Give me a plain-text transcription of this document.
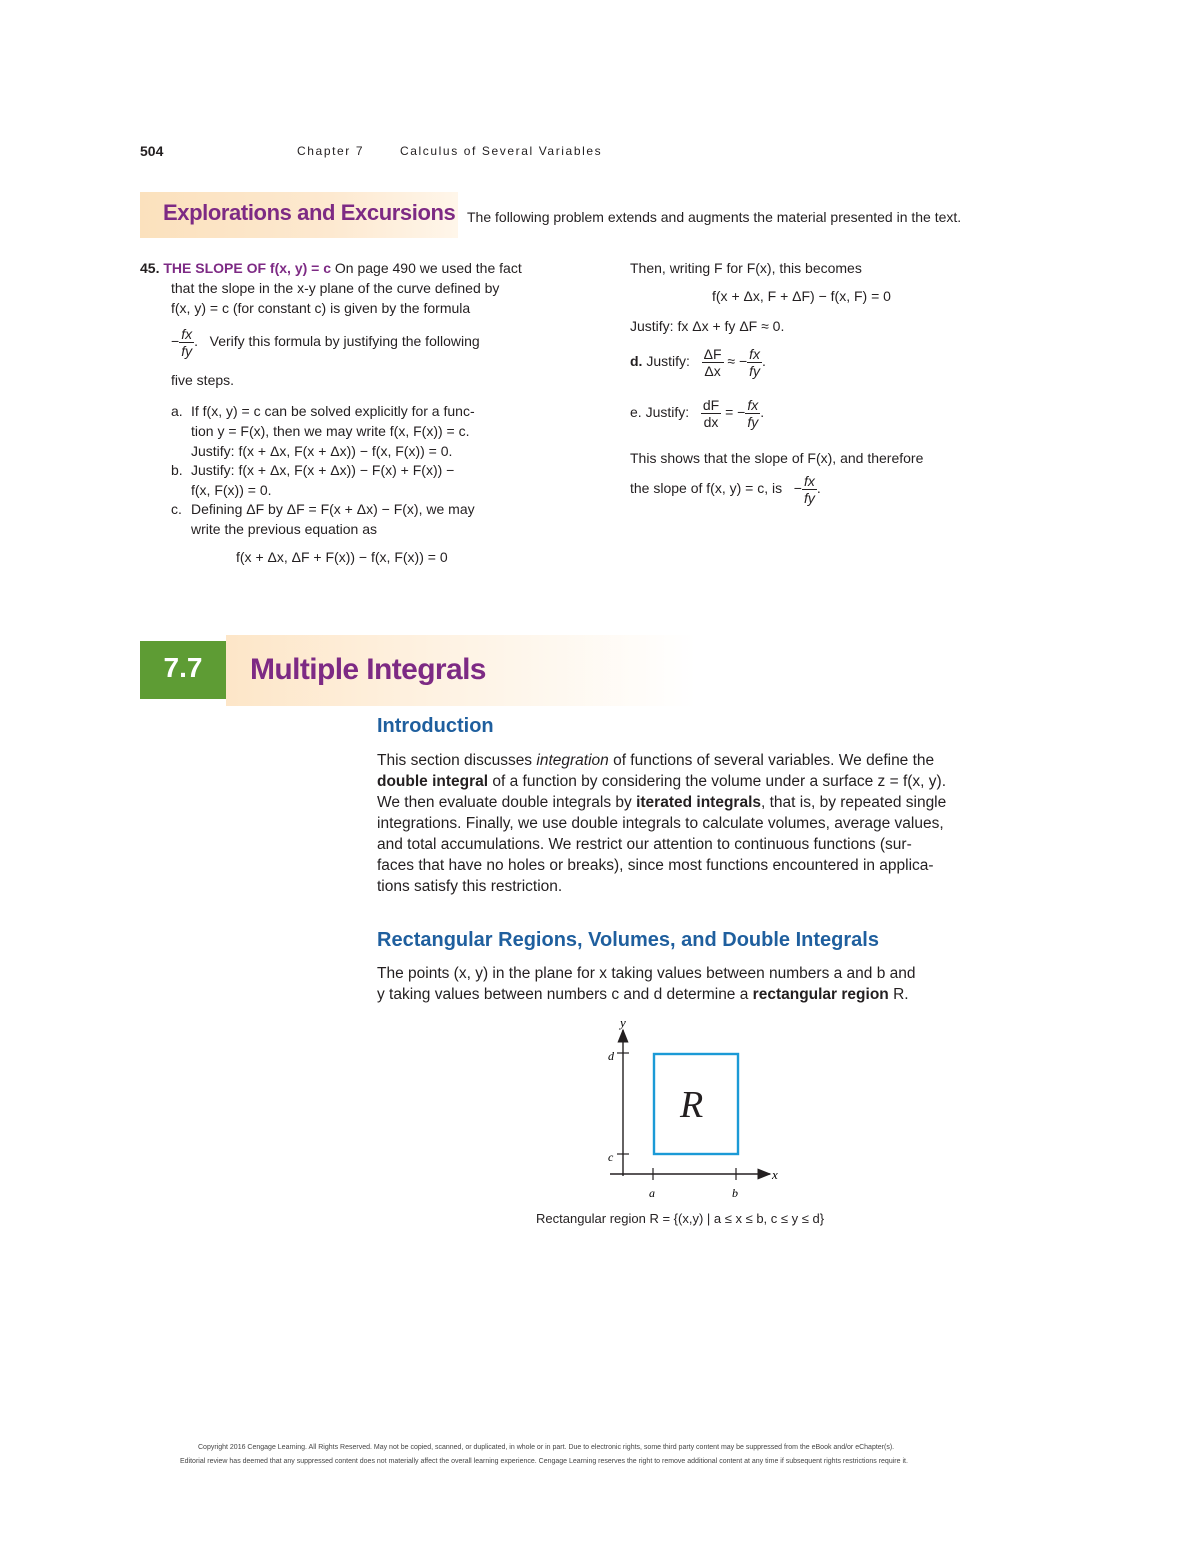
504	Chapter 7	Calculus of Several Variables
Explorations and Excursions The following problem extends and augments the material presented in the text.
45. THE SLOPE OF f(x, y) = c On page 490 we used the fact
that the slope in the x-y plane of the curve defined by
f(x, y) = c (for constant c) is given by the formula
− $\frac{fx}{fy}$ .   Verify this formula by justifying the following
five steps.
a. If f(x, y) = c can be solved explicitly for a func-
tion y = F(x), then we may write f(x, F(x)) = c.
Justify: f(x + Δx, F(x + Δx)) − f(x, F(x)) = 0.
b. Justify: f(x + Δx, F(x + Δx)) − F(x) + F(x)) −
f(x, F(x)) = 0.
c. Defining ΔF by ΔF = F(x + Δx) − F(x), we may
write the previous equation as
f(x + Δx, ΔF + F(x)) − f(x, F(x)) = 0
Then, writing F for F(x), this becomes
f(x + Δx, F + ΔF) − f(x, F) = 0
Justify: fx Δx + fy ΔF ≈ 0.
d. Justify: $\frac{\Delta F}{\Delta x}$ ≈ − $\frac{fx}{fy}$ .
e. Justify: $\frac{dF}{dx}$ = − $\frac{fx}{fy}$ .
This shows that the slope of F(x), and therefore
the slope of f(x, y) = c, is   − $\frac{fx}{fy}$ .
7.7	Multiple Integrals
Introduction
This section discusses integration of functions of several variables. We define the
double integral of a function by considering the volume under a surface z = f(x, y).
We then evaluate double integrals by iterated integrals, that is, by repeated single
integrations. Finally, we use double integrals to calculate volumes, average values,
and total accumulations. We restrict our attention to continuous functions (sur-
faces that have no holes or breaks), since most functions encountered in applica-
tions satisfy this restriction.
Rectangular Regions, Volumes, and Double Integrals
The points (x, y) in the plane for x taking values between numbers a and b and
y taking values between numbers c and d determine a rectangular region R.
y
x
d
c
a	b
R
Rectangular region R = {(x,y) | a ≤ x ≤ b, c ≤ y ≤ d}
Copyright 2016 Cengage Learning. All Rights Reserved. May not be copied, scanned, or duplicated, in whole or in part. Due to electronic rights, some third party content may be suppressed from the eBook and/or eChapter(s).
Editorial review has deemed that any suppressed content does not materially affect the overall learning experience. Cengage Learning reserves the right to remove additional content at any time if subsequent rights restrictions require it.
